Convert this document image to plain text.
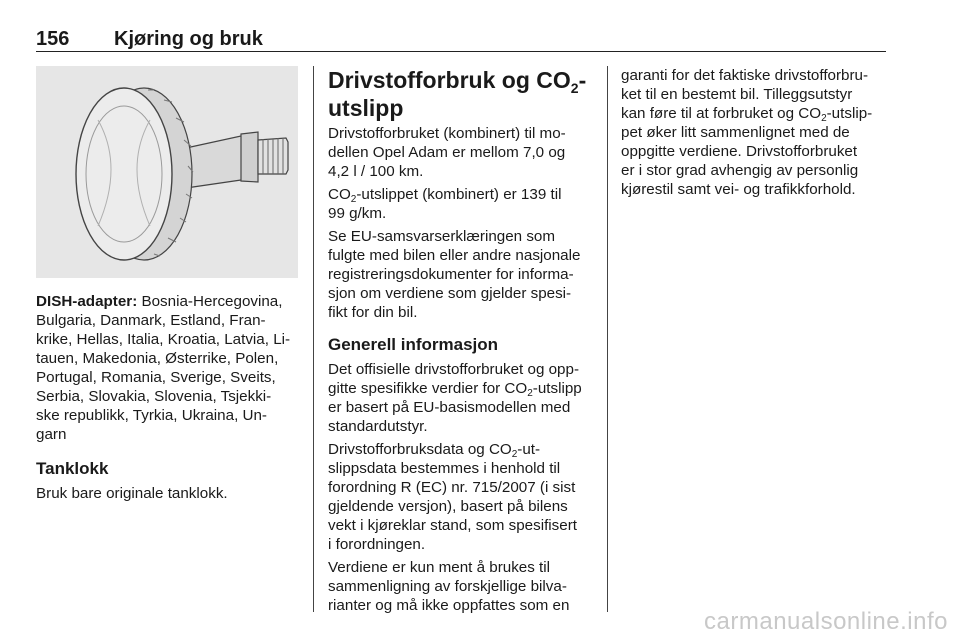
156 Kjøring og bruk

DISH-adapter: Bosnia-Hercegovina,
Bulgaria, Danmark, Estland, Fran-
krike, Hellas, Italia, Kroatia, Latvia, Li-
tauen, Makedonia, Østerrike, Polen,
Portugal, Romania, Sverige, Sveits,
Serbia, Slovakia, Slovenia, Tsjekki-
ske republikk, Tyrkia, Ukraina, Un-
garn

Tanklokk

Bruk bare originale tanklokk.

Drivstofforbruk og $CO_2-$
utslipp

Drivstofforbruket (kombinert) til mo-
dellen Opel Adam er mellom 7,0 og
4,2 l / 100 km.

$CO_2$-utslippet (kombinert) er 139 til
99 g/km.

Se EU-samsvarserklæringen som
fulgte med bilen eller andre nasjonale
registreringsdokumenter for informa-
sjon om verdiene som gjelder spesi-
fikt for din bil.

Generell informasjon

Det offisielle drivstofforbruket og opp-
gitte spesifikke verdier for $CO_2$-utslipp
er basert på EU-basismodellen med
standardutstyr.

Drivstofforbruksdata og $CO_2-ut-$
slippsdata bestemmes i henhold til
forordning R (EC) nr. 715/2007 (i sist
gjeldende versjon), basert på bilens
vekt i kjøreklar stand, som spesifisert
i forordningen.

Verdiene er kun ment å brukes til
sammenligning av forskjellige bilva-
rianter og må ikke oppfattes som en

garanti for det faktiske drivstofforbru-
ket til en bestemt bil. Tilleggsutstyr
kan føre til at forbruket og $CO_2-utslip-$
pet øker litt sammenlignet med de
oppgitte verdiene. Drivstofforbruket
er i stor grad avhengig av personlig
kjørestil samt vei- og trafikkforhold.

carmanualsonline.info
